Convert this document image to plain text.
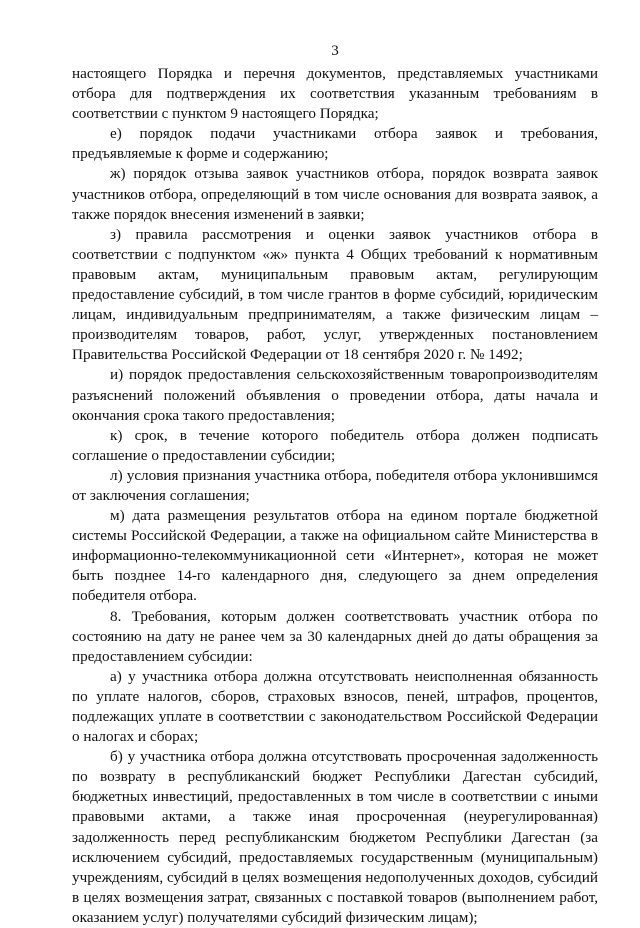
3

настоящего Порядка и перечня документов, представляемых участниками отбора для подтверждения их соответствия указанным требованиям в соответствии с пунктом 9 настоящего Порядка;

е) порядок подачи участниками отбора заявок и требования, предъявляемые к форме и содержанию;

ж) порядок отзыва заявок участников отбора, порядок возврата заявок участников отбора, определяющий в том числе основания для возврата заявок, а также порядок внесения изменений в заявки;

з) правила рассмотрения и оценки заявок участников отбора в соответствии с подпунктом «ж» пункта 4 Общих требований к нормативным правовым актам, муниципальным правовым актам, регулирующим предоставление субсидий, в том числе грантов в форме субсидий, юридическим лицам, индивидуальным предпринимателям, а также физическим лицам – производителям товаров, работ, услуг, утвержденных постановлением Правительства Российской Федерации от 18 сентября 2020 г. № 1492;

и) порядок предоставления сельскохозяйственным товаропроизводителям разъяснений положений объявления о проведении отбора, даты начала и окончания срока такого предоставления;

к) срок, в течение которого победитель отбора должен подписать соглашение о предоставлении субсидии;

л) условия признания участника отбора, победителя отбора уклонившимся от заключения соглашения;

м) дата размещения результатов отбора на едином портале бюджетной системы Российской Федерации, а также на официальном сайте Министерства в информационно-телекоммуникационной сети «Интернет», которая не может быть позднее 14-го календарного дня, следующего за днем определения победителя отбора.

8. Требования, которым должен соответствовать участник отбора по состоянию на дату не ранее чем за 30 календарных дней до даты обращения за предоставлением субсидии:

а) у участника отбора должна отсутствовать неисполненная обязанность по уплате налогов, сборов, страховых взносов, пеней, штрафов, процентов, подлежащих уплате в соответствии с законодательством Российской Федерации о налогах и сборах;

б) у участника отбора должна отсутствовать просроченная задолженность по возврату в республиканский бюджет Республики Дагестан субсидий, бюджетных инвестиций, предоставленных в том числе в соответствии с иными правовыми актами, а также иная просроченная (неурегулированная) задолженность перед республиканским бюджетом Республики Дагестан (за исключением субсидий, предоставляемых государственным (муниципальным) учреждениям, субсидий в целях возмещения недополученных доходов, субсидий в целях возмещения затрат, связанных с поставкой товаров (выполнением работ, оказанием услуг) получателями субсидий физическим лицам);
